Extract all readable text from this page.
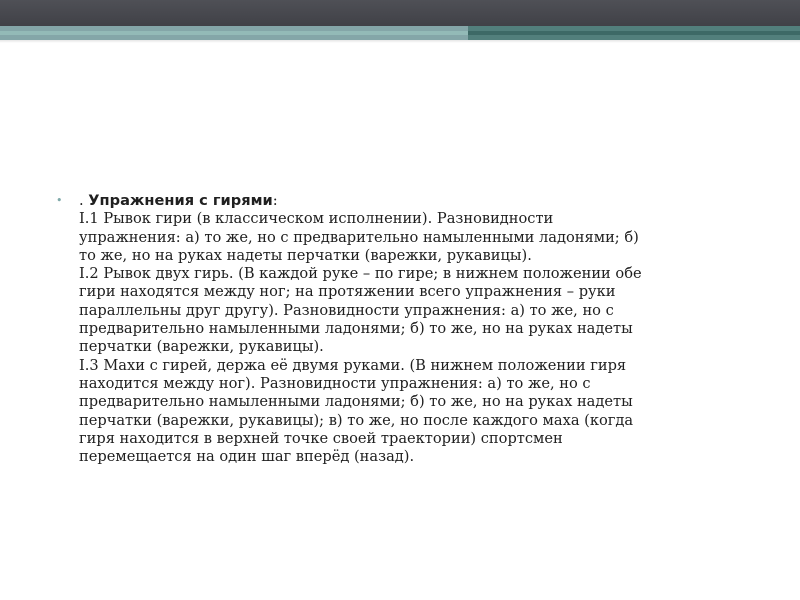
•	. Упражнения с гирями:
I.1 Рывок гири (в классическом исполнении). Разновидности
упражнения: а) то же, но с предварительно намыленными ладонями; б)
то же, но на руках надеты перчатки (варежки, рукавицы).
I.2 Рывок двух гирь. (В каждой руке – по гире; в нижнем положении обе
гири находятся между ног; на протяжении всего упражнения – руки
параллельны друг другу). Разновидности упражнения: а) то же, но с
предварительно намыленными ладонями; б) то же, но на руках надеты
перчатки (варежки, рукавицы).
I.3 Махи с гирей, держа её двумя руками. (В нижнем положении гиря
находится между ног). Разновидности упражнения: а) то же, но с
предварительно намыленными ладонями; б) то же, но на руках надеты
перчатки (варежки, рукавицы); в) то же, но после каждого маха (когда
гиря находится в верхней точке своей траектории) спортсмен
перемещается на один шаг вперёд (назад).
